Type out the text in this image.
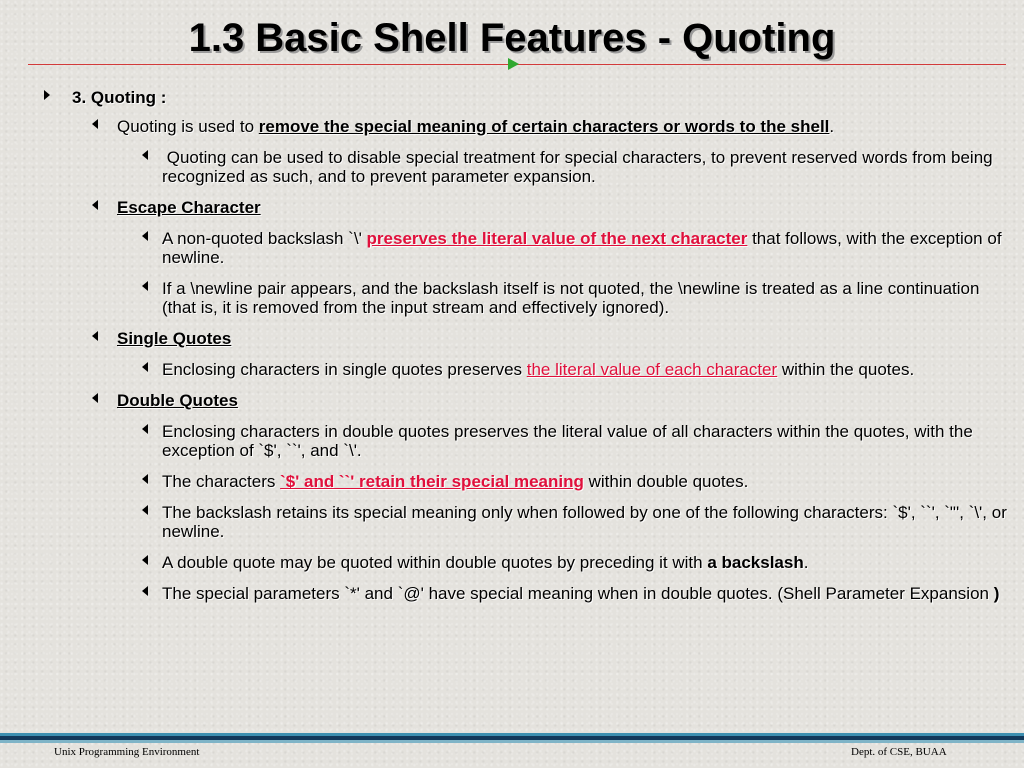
1.3 Basic Shell Features - Quoting
3. Quoting :
Quoting is used to remove the special meaning of certain characters or words to the shell.
Quoting can be used to disable special treatment for special characters, to prevent reserved words from being recognized as such, and to prevent parameter expansion.
Escape Character
A non-quoted backslash `\' preserves the literal value of the next character that follows, with the exception of newline.
If a \newline pair appears, and the backslash itself is not quoted, the \newline is treated as a line continuation (that is, it is removed from the input stream and effectively ignored).
Single Quotes
Enclosing characters in single quotes preserves the literal value of each character within the quotes.
Double Quotes
Enclosing characters in double quotes preserves the literal value of all characters within the quotes, with the exception of `$', ``', and `\'.
The characters `$' and ``' retain their special meaning within double quotes.
The backslash retains its special meaning only when followed by one of the following characters: `$', ``', `"', `\', or newline.
A double quote may be quoted within double quotes by preceding it with a backslash.
The special parameters `*' and `@' have special meaning when in double quotes. (Shell Parameter Expansion )
Unix Programming Environment	Dept. of CSE, BUAA
